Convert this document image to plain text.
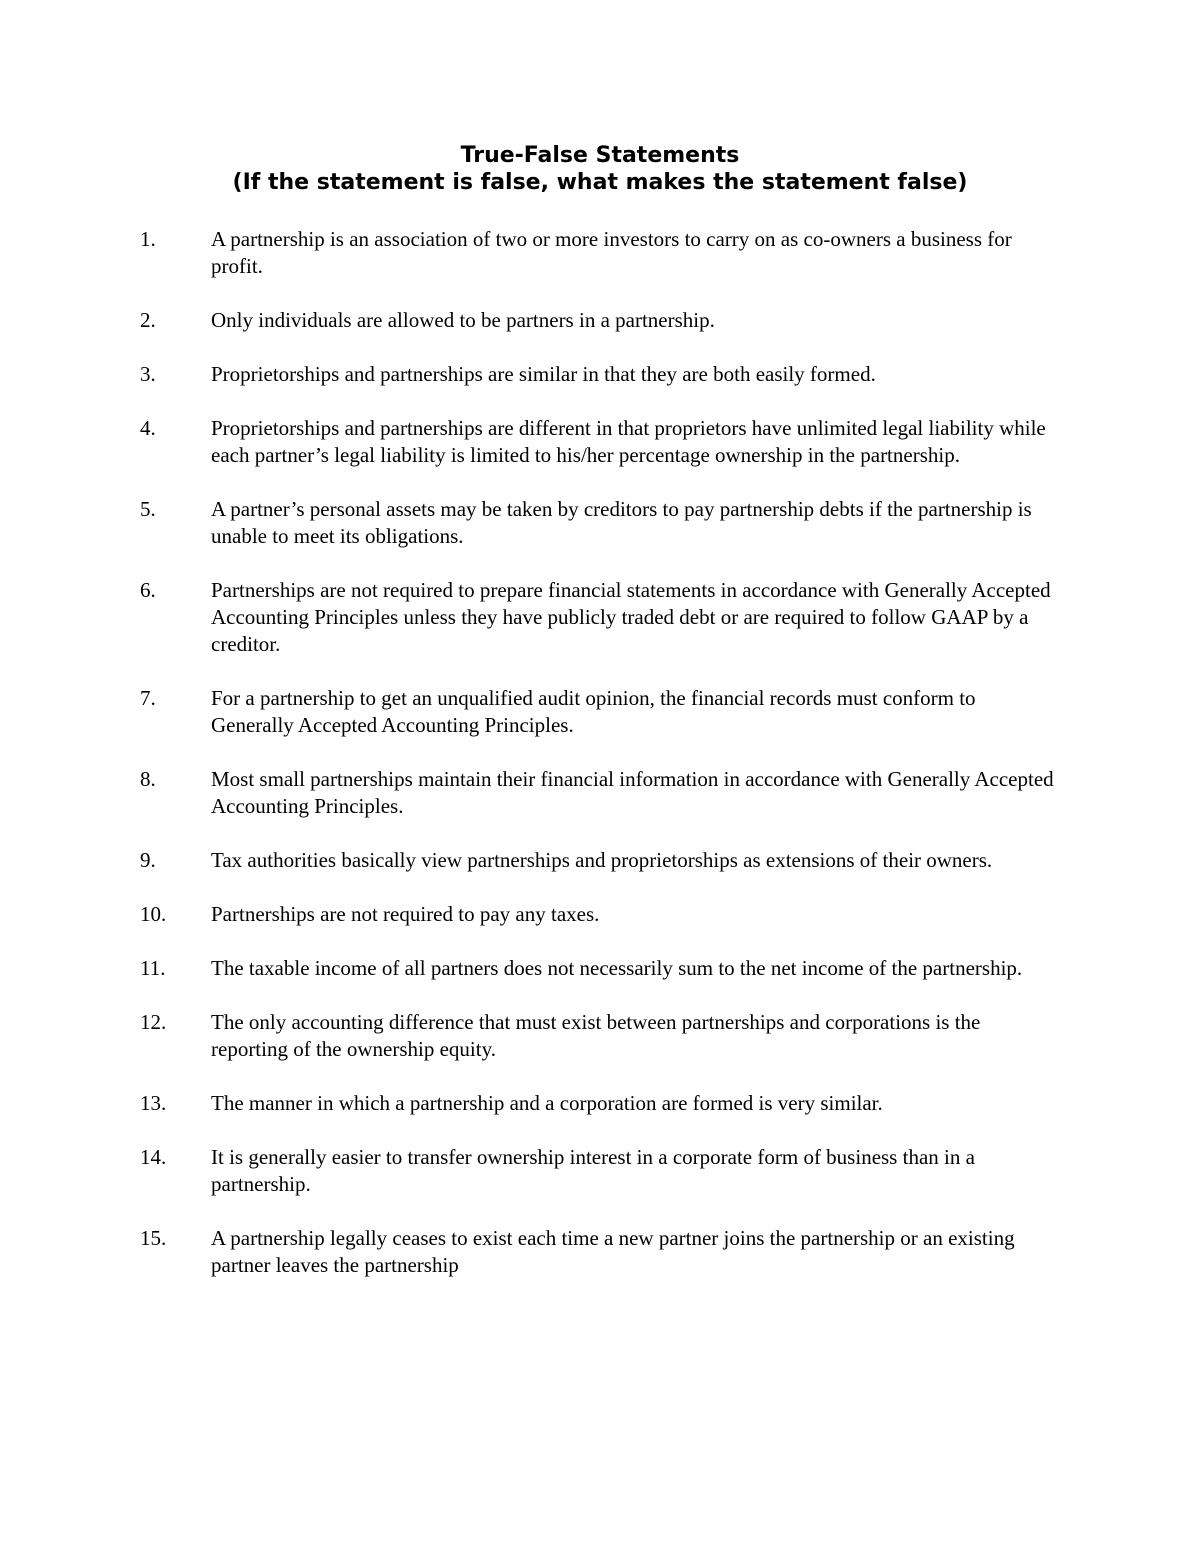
True-False Statements
(If the statement is false, what makes the statement false)
1.	A partnership is an association of two or more investors to carry on as co-owners a business for profit.
2.	Only individuals are allowed to be partners in a partnership.
3.	Proprietorships and partnerships are similar in that they are both easily formed.
4.	Proprietorships and partnerships are different in that proprietors have unlimited legal liability while each partner’s legal liability is limited to his/her percentage ownership in the partnership.
5.	A partner’s personal assets may be taken by creditors to pay partnership debts if the partnership is unable to meet its obligations.
6.	Partnerships are not required to prepare financial statements in accordance with Generally Accepted Accounting Principles unless they have publicly traded debt or are required to follow GAAP by a creditor.
7.	For a partnership to get an unqualified audit opinion, the financial records must conform to Generally Accepted Accounting Principles.
8.	Most small partnerships maintain their financial information in accordance with Generally Accepted Accounting Principles.
9.	Tax authorities basically view partnerships and proprietorships as extensions of their owners.
10.	Partnerships are not required to pay any taxes.
11.	The taxable income of all partners does not necessarily sum to the net income of the partnership.
12.	The only accounting difference that must exist between partnerships and corporations is the reporting of the ownership equity.
13.	The manner in which a partnership and a corporation are formed is very similar.
14.	It is generally easier to transfer ownership interest in a corporate form of business than in a partnership.
15.	A partnership legally ceases to exist each time a new partner joins the partnership or an existing partner leaves the partnership
